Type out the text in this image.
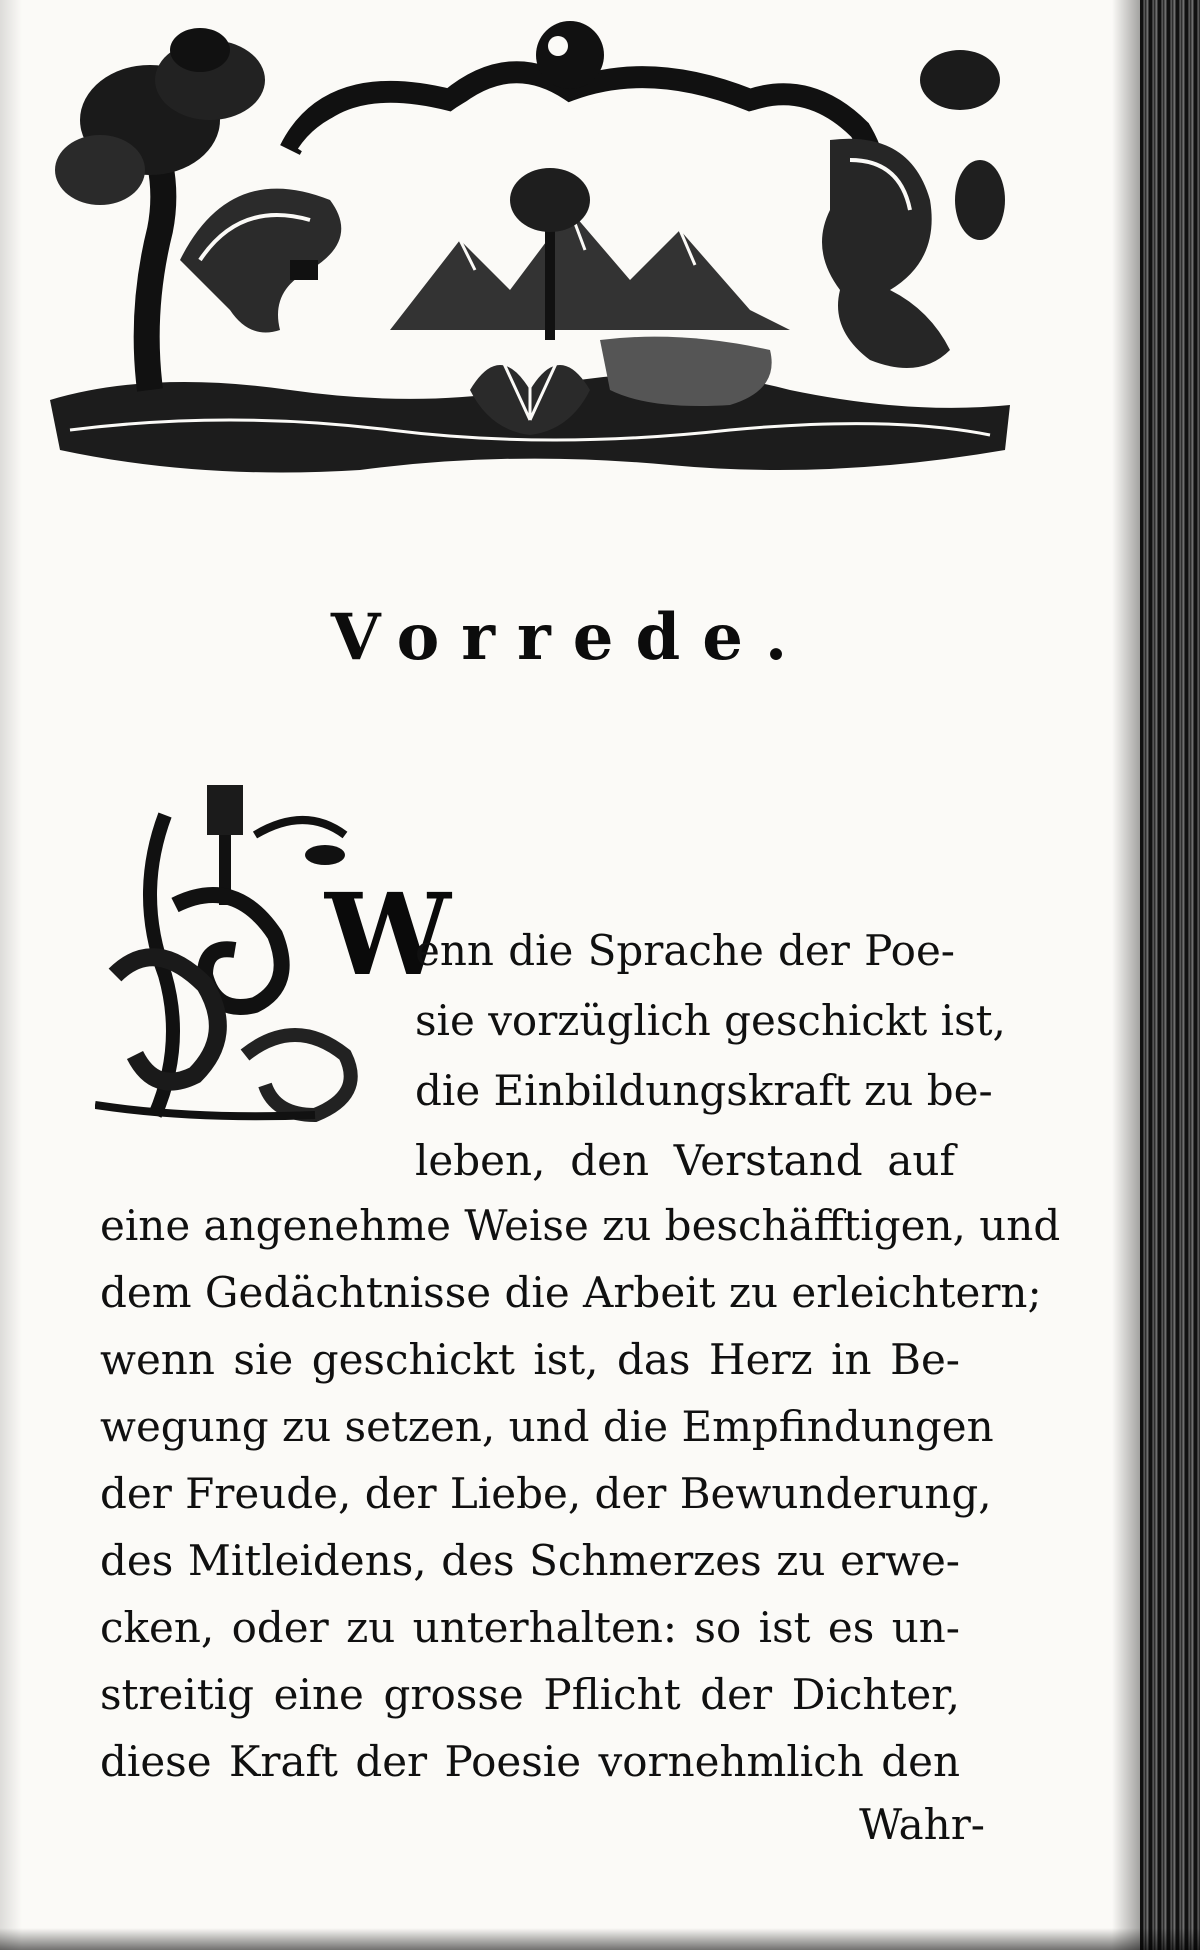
Vorrede.
W
enn die Sprache der Poe-
sie vorzüglich geschickt ist,
die Einbildungskraft zu be-
leben, den Verstand auf
eine angenehme Weise zu beschäfftigen, und
dem Gedächtnisse die Arbeit zu erleichtern;
wenn sie geschickt ist, das Herz in Be-
wegung zu setzen, und die Empfindungen
der Freude, der Liebe, der Bewunderung,
des Mitleidens, des Schmerzes zu erwe-
cken, oder zu unterhalten: so ist es un-
streitig eine grosse Pflicht der Dichter,
diese Kraft der Poesie vornehmlich den
Wahr-
